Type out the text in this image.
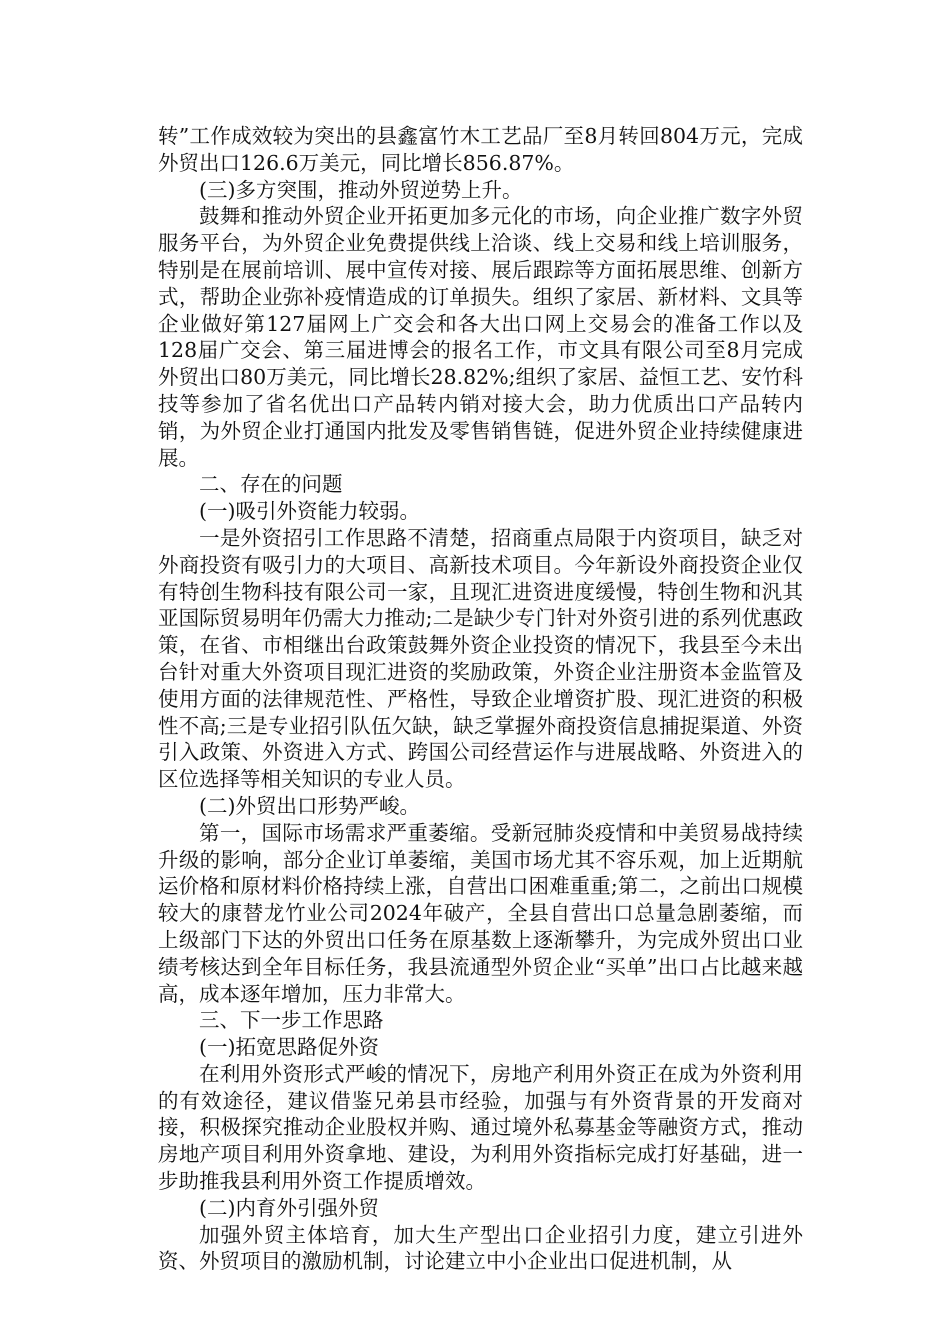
转”工作成效较为突出的县鑫富竹木工艺品厂至8月转回804万元，完成外贸出口126.6万美元，同比增长856.87%。

(三)多方突围，推动外贸逆势上升。

鼓舞和推动外贸企业开拓更加多元化的市场，向企业推广数字外贸服务平台，为外贸企业免费提供线上洽谈、线上交易和线上培训服务，特别是在展前培训、展中宣传对接、展后跟踪等方面拓展思维、创新方式，帮助企业弥补疫情造成的订单损失。组织了家居、新材料、文具等企业做好第127届网上广交会和各大出口网上交易会的准备工作以及128届广交会、第三届进博会的报名工作，市文具有限公司至8月完成外贸出口80万美元，同比增长28.82%;组织了家居、益恒工艺、安竹科技等参加了省名优出口产品转内销对接大会，助力优质出口产品转内销，为外贸企业打通国内批发及零售销售链，促进外贸企业持续健康进展。

二、存在的问题

(一)吸引外资能力较弱。

一是外资招引工作思路不清楚，招商重点局限于内资项目，缺乏对外商投资有吸引力的大项目、高新技术项目。今年新设外商投资企业仅有特创生物科技有限公司一家，且现汇进资进度缓慢，特创生物和汎其亚国际贸易明年仍需大力推动;二是缺少专门针对外资引进的系列优惠政策，在省、市相继出台政策鼓舞外资企业投资的情况下，我县至今未出台针对重大外资项目现汇进资的奖励政策，外资企业注册资本金监管及使用方面的法律规范性、严格性，导致企业增资扩股、现汇进资的积极性不高;三是专业招引队伍欠缺，缺乏掌握外商投资信息捕捉渠道、外资引入政策、外资进入方式、跨国公司经营运作与进展战略、外资进入的区位选择等相关知识的专业人员。

(二)外贸出口形势严峻。

第一，国际市场需求严重萎缩。受新冠肺炎疫情和中美贸易战持续升级的影响，部分企业订单萎缩，美国市场尤其不容乐观，加上近期航运价格和原材料价格持续上涨，自营出口困难重重;第二，之前出口规模较大的康替龙竹业公司2024年破产，全县自营出口总量急剧萎缩，而上级部门下达的外贸出口任务在原基数上逐渐攀升，为完成外贸出口业绩考核达到全年目标任务，我县流通型外贸企业“买单”出口占比越来越高，成本逐年增加，压力非常大。

三、下一步工作思路

(一)拓宽思路促外资

在利用外资形式严峻的情况下，房地产利用外资正在成为外资利用的有效途径，建议借鉴兄弟县市经验，加强与有外资背景的开发商对接，积极探究推动企业股权并购、通过境外私募基金等融资方式，推动房地产项目利用外资拿地、建设，为利用外资指标完成打好基础，进一步助推我县利用外资工作提质增效。

(二)内育外引强外贸

加强外贸主体培育，加大生产型出口企业招引力度，建立引进外资、外贸项目的激励机制，讨论建立中小企业出口促进机制，从
